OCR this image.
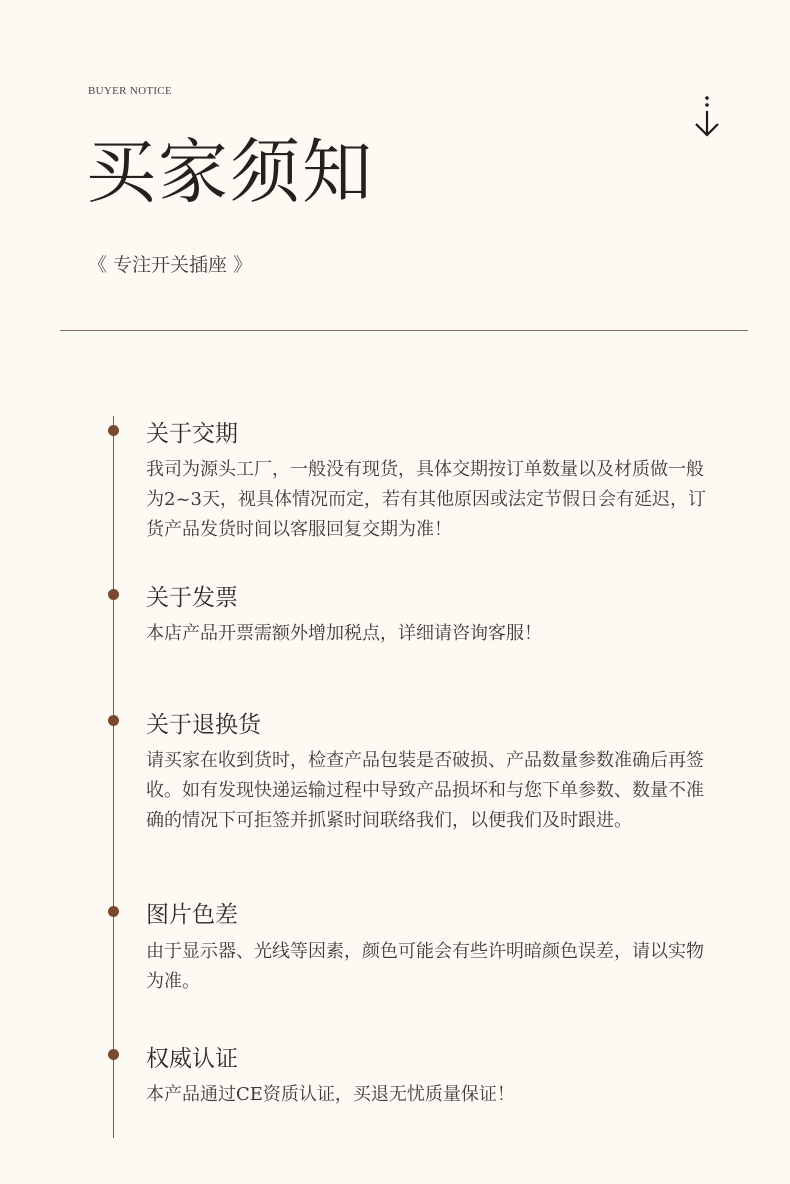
BUYER NOTICE
买家须知
《 专注开关插座 》
关于交期

我司为源头工厂，一般没有现货，具体交期按订单数量以及材质做一般为2~3天，视具体情况而定，若有其他原因或法定节假日会有延迟，订货产品发货时间以客服回复交期为准！

关于发票

本店产品开票需额外增加税点，详细请咨询客服！

关于退换货

请买家在收到货时，检查产品包装是否破损、产品数量参数准确后再签收。如有发现快递运输过程中导致产品损坏和与您下单参数、数量不准确的情况下可拒签并抓紧时间联络我们，以便我们及时跟进。

图片色差

由于显示器、光线等因素，颜色可能会有些许明暗颜色误差，请以实物为准。

权威认证

本产品通过CE资质认证，买退无忧质量保证！
